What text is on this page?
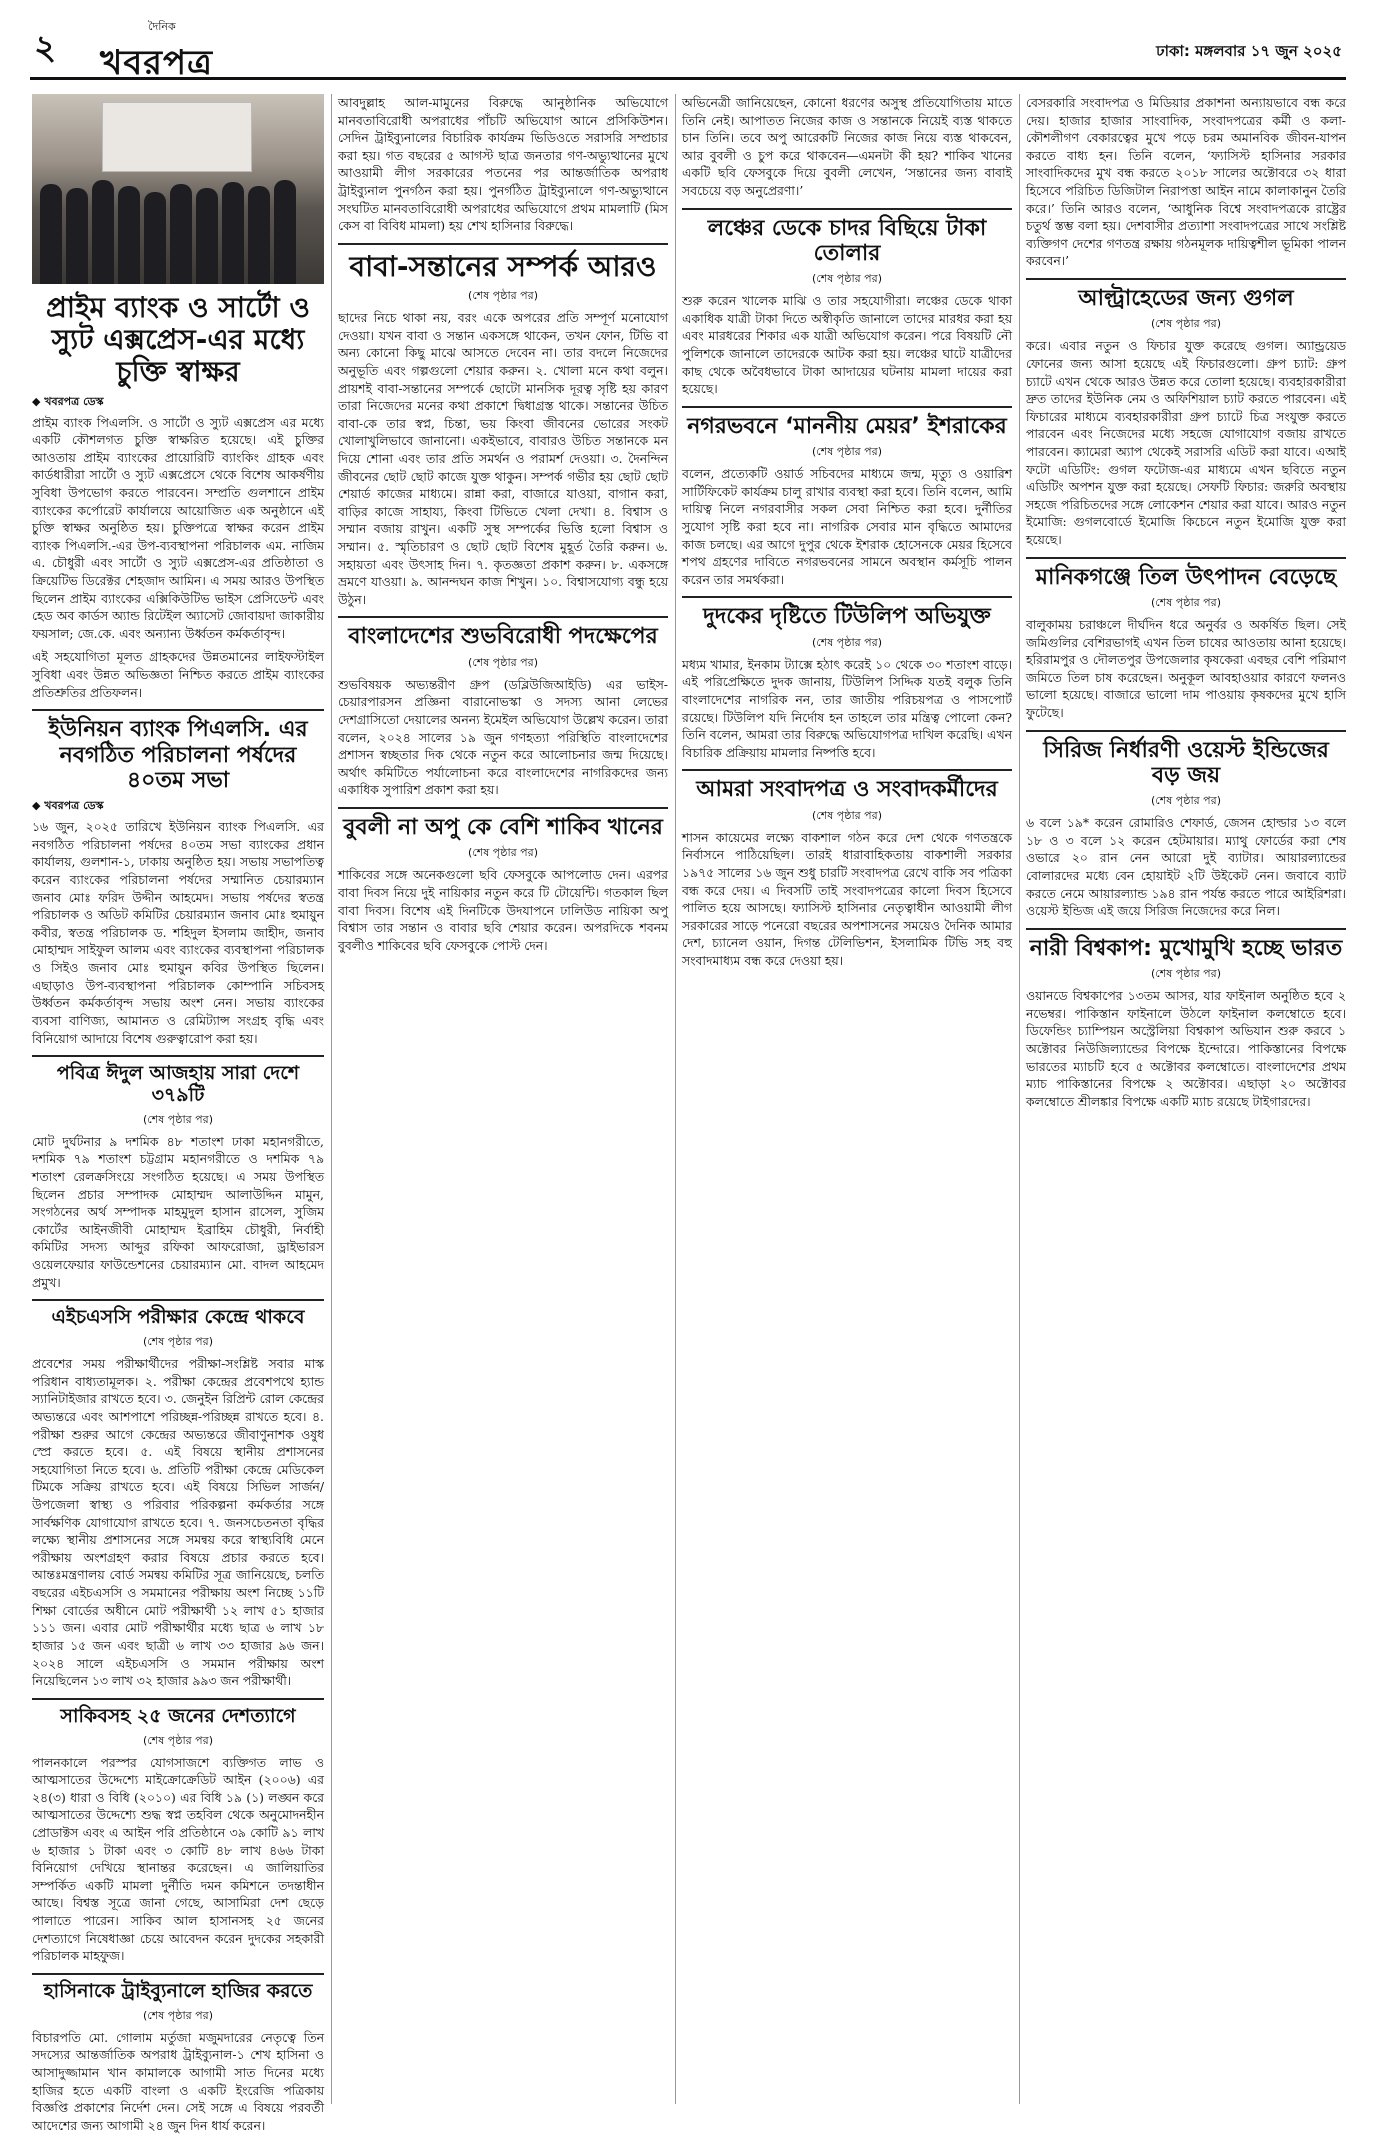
২
দৈনিক
খবরপত্র	ঢাকা: মঙ্গলবার ১৭ জুন ২০২৫
প্রাইম ব্যাংক ও সার্টো ও স্যুট এক্সপ্রেস-এর মধ্যে চুক্তি স্বাক্ষর
◆ খবরপত্র ডেস্ক

প্রাইম ব্যাংক পিএলসি. ও সার্টো ও স্যুট এক্সপ্রেস এর মধ্যে একটি কৌশলগত চুক্তি স্বাক্ষরিত হয়েছে। এই চুক্তির আওতায় প্রাইম ব্যাংকের প্রায়োরিটি ব্যাংকিং গ্রাহক এবং কার্ডধারীরা সার্টো ও স্যুট এক্সপ্রেসে থেকে বিশেষ আকর্ষণীয় সুবিধা উপভোগ করতে পারবেন। সম্প্রতি গুলশানে প্রাইম ব্যাংকের কর্পোরেট কার্যালয়ে আয়োজিত এক অনুষ্ঠানে এই চুক্তি স্বাক্ষর অনুষ্ঠিত হয়। চুক্তিপত্রে স্বাক্ষর করেন প্রাইম ব্যাংক পিএলসি.-এর উপ-ব্যবস্থাপনা পরিচালক এম. নাজিম এ. চৌধুরী এবং সার্টো ও স্যুট এক্সপ্রেস-এর প্রতিষ্ঠাতা ও ক্রিয়েটিভ ডিরেক্টর শেহজাদ আমিন। এ সময় আরও উপস্থিত ছিলেন প্রাইম ব্যাংকের এক্সিকিউটিভ ভাইস প্রেসিডেন্ট এবং হেড অব কার্ডস অ্যান্ড রিটেইল অ্যাসেট জোবায়দা জাকারীয় ফয়সাল; জে.কে. এবং অন্যান্য উর্ধ্বতন কর্মকর্তাবৃন্দ।

এই সহযোগিতা মূলত গ্রাহকদের উন্নতমানের লাইফস্টাইল সুবিধা এবং উন্নত অভিজ্ঞতা নিশ্চিত করতে প্রাইম ব্যাংকের প্রতিশ্রুতির প্রতিফলন।

ইউনিয়ন ব্যাংক পিএলসি. এর নবগঠিত পরিচালনা পর্ষদের ৪০তম সভা
◆ খবরপত্র ডেস্ক

১৬ জুন, ২০২৫ তারিখে ইউনিয়ন ব্যাংক পিএলসি. এর নবগঠিত পরিচালনা পর্ষদের ৪০তম সভা ব্যাংকের প্রধান কার্যালয়, গুলশান-১, ঢাকায় অনুষ্ঠিত হয়। সভায় সভাপতিত্ব করেন ব্যাংকের পরিচালনা পর্ষদের সম্মানিত চেয়ারম্যান জনাব মোঃ ফরিদ উদ্দীন আহমেদ। সভায় পর্ষদের স্বতন্ত্র পরিচালক ও অডিট কমিটির চেয়ারম্যান জনাব মোঃ হুমায়ুন কবীর, স্বতন্ত্র পরিচালক ড. শহিদুল ইসলাম জাহীদ, জনাব মোহাম্মদ সাইফুল আলম এবং ব্যাংকের ব্যবস্থাপনা পরিচালক ও সিইও জনাব মোঃ হুমায়ুন কবির উপস্থিত ছিলেন। এছাড়াও উপ-ব্যবস্থাপনা পরিচালক কোম্পানি সচিবসহ উর্ধ্বতন কর্মকর্তাবৃন্দ সভায় অংশ নেন। সভায় ব্যাংকের ব্যবসা বাণিজ্য, আমানত ও রেমিট্যান্স সংগ্রহ বৃদ্ধি এবং বিনিয়োগ আদায়ে বিশেষ গুরুত্বারোপ করা হয়।

পবিত্র ঈদুল আজহায় সারা দেশে ৩৭৯টি
(শেষ পৃষ্ঠার পর)

মোট দুর্ঘটনার ৯ দশমিক ৪৮ শতাংশ ঢাকা মহানগরীতে, দশমিক ৭৯ শতাংশ চট্টগ্রাম মহানগরীতে ও দশমিক ৭৯ শতাংশ রেলক্রসিংয়ে সংগঠিত হয়েছে। এ সময় উপস্থিত ছিলেন প্রচার সম্পাদক মোহাম্মদ আলাউদ্দিন মামুন, সংগঠনের অর্থ সম্পাদক মাহমুদুল হাসান রাসেল, সুজিম কোর্টের আইনজীবী মোহাম্মদ ইব্রাহিম চৌধুরী, নির্বাহী কমিটির সদস্য আব্দুর রফিকা আফরোজা, ড্রাইভারস ওয়েলফেয়ার ফাউন্ডেশনের চেয়ারম্যান মো. বাদল আহমেদ প্রমুখ।

এইচএসসি পরীক্ষার কেন্দ্রে থাকবে
(শেষ পৃষ্ঠার পর)

প্রবেশের সময় পরীক্ষার্থীদের পরীক্ষা-সংশ্লিষ্ট সবার মাস্ক পরিধান বাধ্যতামূলক। ২. পরীক্ষা কেন্দ্রের প্রবেশপথে হ্যান্ড স্যানিটাইজার রাখতে হবে। ৩. জেনুইন রিপ্রিন্ট রোল কেন্দ্রের অভ্যন্তরে এবং আশপাশে পরিচ্ছন্ন-পরিচ্ছন্ন রাখতে হবে। ৪. পরীক্ষা শুরুর আগে কেন্দ্রের অভ্যন্তরে জীবাণুনাশক ওষুধ স্প্রে করতে হবে। ৫. এই বিষয়ে স্থানীয় প্রশাসনের সহযোগিতা নিতে হবে। ৬. প্রতিটি পরীক্ষা কেন্দ্রে মেডিকেল টিমকে সক্রিয় রাখতে হবে। এই বিষয়ে সিভিল সার্জন/উপজেলা স্বাস্থ্য ও পরিবার পরিকল্পনা কর্মকর্তার সঙ্গে সার্বক্ষণিক যোগাযোগ রাখতে হবে। ৭. জনসচেতনতা বৃদ্ধির লক্ষ্যে স্থানীয় প্রশাসনের সঙ্গে সমন্বয় করে স্বাস্থ্যবিধি মেনে পরীক্ষায় অংশগ্রহণ করার বিষয়ে প্রচার করতে হবে। আন্তঃমন্ত্রণালয় বোর্ড সমন্বয় কমিটির সূত্র জানিয়েছে, চলতি বছরের এইচএসসি ও সমমানের পরীক্ষায় অংশ নিচ্ছে ১১টি শিক্ষা বোর্ডের অধীনে মোট পরীক্ষার্থী ১২ লাখ ৫১ হাজার ১১১ জন। এবার মোট পরীক্ষার্থীর মধ্যে ছাত্র ৬ লাখ ১৮ হাজার ১৫ জন এবং ছাত্রী ৬ লাখ ৩৩ হাজার ৯৬ জন। ২০২৪ সালে এইচএসসি ও সমমান পরীক্ষায় অংশ নিয়েছিলেন ১৩ লাখ ৩২ হাজার ৯৯৩ জন পরীক্ষার্থী।

সাকিবসহ ২৫ জনের দেশত্যাগে
(শেষ পৃষ্ঠার পর)

পালনকালে পরস্পর যোগসাজশে ব্যক্তিগত লাভ ও আত্মসাতের উদ্দেশ্যে মাইক্রোক্রেডিট আইন (২০০৬) এর ২৪(৩) ধারা ও বিধি (২০১০) এর বিধি ১৯ (১) লঙ্ঘন করে আত্মসাতের উদ্দেশ্যে শুদ্ধ স্বপ্ন তহবিল থেকে অনুমোদনহীন প্রোডাক্টস এবং এ আইন পরি প্রতিষ্ঠানে ৩৯ কোটি ৯১ লাখ ৬ হাজার ১ টাকা এবং ৩ কোটি ৪৮ লাখ ৪৬৬ টাকা বিনিয়োগ দেখিয়ে স্থানান্তর করেছেন। এ জালিয়াতির সম্পর্কিত একটি মামলা দুর্নীতি দমন কমিশনে তদন্তাধীন আছে। বিশ্বস্ত সূত্রে জানা গেছে, আসামিরা দেশ ছেড়ে পালাতে পারেন। সাকিব আল হাসানসহ ২৫ জনের দেশত্যাগে নিষেধাজ্ঞা চেয়ে আবেদন করেন দুদকের সহকারী পরিচালক মাহফুজ।

হাসিনাকে ট্রাইব্যুনালে হাজির করতে
(শেষ পৃষ্ঠার পর)

বিচারপতি মো. গোলাম মর্তুজা মজুমদারের নেতৃত্বে তিন সদস্যের আন্তর্জাতিক অপরাধ ট্রাইব্যুনাল-১ শেখ হাসিনা ও আসাদুজ্জামান খান কামালকে আগামী সাত দিনের মধ্যে হাজির হতে একটি বাংলা ও একটি ইংরেজি পত্রিকায় বিজ্ঞপ্তি প্রকাশের নির্দেশ দেন। সেই সঙ্গে এ বিষয়ে পরবর্তী আদেশের জন্য আগামী ২৪ জুন দিন ধার্য করেন।

আবদুল্লাহ আল-মামুনের বিরুদ্ধে আনুষ্ঠানিক অভিযোগে মানবতাবিরোধী অপরাধের পাঁচটি অভিযোগ আনে প্রসিকিউশন। সেদিন ট্রাইব্যুনালের বিচারিক কার্যক্রম ভিডিওতে সরাসরি সম্প্রচার করা হয়। গত বছরের ৫ আগস্ট ছাত্র জনতার গণ-অভ্যুত্থানের মুখে আওয়ামী লীগ সরকারের পতনের পর আন্তর্জাতিক অপরাধ ট্রাইব্যুনাল পুনর্গঠন করা হয়। পুনর্গঠিত ট্রাইব্যুনালে গণ-অভ্যুত্থানে সংঘটিত মানবতাবিরোধী অপরাধের অভিযোগে প্রথম মামলাটি (মিস কেস বা বিবিধ মামলা) হয় শেখ হাসিনার বিরুদ্ধে।

বাবা-সন্তানের সম্পর্ক আরও
(শেষ পৃষ্ঠার পর)

ছাদের নিচে থাকা নয়, বরং একে অপরের প্রতি সম্পূর্ণ মনোযোগ দেওয়া। যখন বাবা ও সন্তান একসঙ্গে থাকেন, তখন ফোন, টিভি বা অন্য কোনো কিছু মাঝে আসতে দেবেন না। তার বদলে নিজেদের অনুভূতি এবং গল্পগুলো শেয়ার করুন। ২. খোলা মনে কথা বলুন। প্রায়শই বাবা-সন্তানের সম্পর্কে ছোটো মানসিক দূরত্ব সৃষ্টি হয় কারণ তারা নিজেদের মনের কথা প্রকাশে দ্বিধাগ্রস্ত থাকে। সন্তানের উচিত বাবা-কে তার স্বপ্ন, চিন্তা, ভয় কিংবা জীবনের ভোরের সংকট খোলাখুলিভাবে জানানো। একইভাবে, বাবারও উচিত সন্তানকে মন দিয়ে শোনা এবং তার প্রতি সমর্থন ও পরামর্শ দেওয়া। ৩. দৈনন্দিন জীবনের ছোট ছোট কাজে যুক্ত থাকুন। সম্পর্ক গভীর হয় ছোট ছোট শেয়ার্ড কাজের মাধ্যমে। রান্না করা, বাজারে যাওয়া, বাগান করা, বাড়ির কাজে সাহায্য, কিংবা টিভিতে খেলা দেখা। ৪. বিশ্বাস ও সম্মান বজায় রাখুন। একটি সুস্থ সম্পর্কের ভিত্তি হলো বিশ্বাস ও সম্মান। ৫. স্মৃতিচারণ ও ছোট ছোট বিশেষ মুহূর্ত তৈরি করুন। ৬. সহায়তা এবং উৎসাহ দিন। ৭. কৃতজ্ঞতা প্রকাশ করুন। ৮. একসঙ্গে ভ্রমণে যাওয়া। ৯. আনন্দঘন কাজ শিখুন। ১০. বিশ্বাসযোগ্য বন্ধু হয়ে উঠুন।

বাংলাদেশের শুভবিরোধী পদক্ষেপের
(শেষ পৃষ্ঠার পর)

শুভবিষয়ক অভ্যন্তরীণ গ্রুপ (ডব্লিউজিআইডি) এর ভাইস-চেয়ারপারসন প্রজ্ঞিনা বারানোভস্কা ও সদস্য আনা লেভের দেশগ্রাসিতো দেয়ালের অনন্য ইমেইল অভিযোগ উল্লেখ করেন। তারা বলেন, ২০২৪ সালের ১৯ জুন গণহত্যা পরিস্থিতি বাংলাদেশের প্রশাসন স্বচ্ছতার দিক থেকে নতুন করে আলোচনার জন্ম দিয়েছে। অর্থাৎ কমিটিতে পর্যালোচনা করে বাংলাদেশের নাগরিকদের জন্য একাধিক সুপারিশ প্রকাশ করা হয়।

বুবলী না অপু কে বেশি শাকিব খানের
(শেষ পৃষ্ঠার পর)

শাকিবের সঙ্গে অনেকগুলো ছবি ফেসবুকে আপলোড দেন। এরপর বাবা দিবস নিয়ে দুই নায়িকার নতুন করে টি টোয়েন্টি। গতকাল ছিল বাবা দিবস। বিশেষ এই দিনটিকে উদযাপনে ঢালিউড নায়িকা অপু বিশ্বাস তার সন্তান ও বাবার ছবি শেয়ার করেন। অপরদিকে শবনম বুবলীও শাকিবের ছবি ফেসবুকে পোস্ট দেন।

অভিনেত্রী জানিয়েছেন, কোনো ধরণের অসুস্থ প্রতিযোগিতায় মাতে তিনি নেই। আপাতত নিজের কাজ ও সন্তানকে নিয়েই ব্যস্ত থাকতে চান তিনি। তবে অপু আরেকটি নিজের কাজ নিয়ে ব্যস্ত থাকবেন, আর বুবলী ও চুপ করে থাকবেন—এমনটা কী হয়? শাকিব খানের একটি ছবি ফেসবুকে দিয়ে বুবলী লেখেন, ‘সন্তানের জন্য বাবাই সবচেয়ে বড় অনুপ্রেরণা।’

লঞ্চের ডেকে চাদর বিছিয়ে টাকা তোলার
(শেষ পৃষ্ঠার পর)

শুরু করেন খালেক মাঝি ও তার সহযোগীরা। লঞ্চের ডেকে থাকা একাধিক যাত্রী টাকা দিতে অস্বীকৃতি জানালে তাদের মারধর করা হয় এবং মারধরের শিকার এক যাত্রী অভিযোগ করেন। পরে বিষয়টি নৌ পুলিশকে জানালে তাদেরকে আটক করা হয়। লঞ্চের ঘাটে যাত্রীদের কাছ থেকে অবৈধভাবে টাকা আদায়ের ঘটনায় মামলা দায়ের করা হয়েছে।

নগরভবনে ‘মাননীয় মেয়র’ ইশরাকের
(শেষ পৃষ্ঠার পর)

বলেন, প্রত্যেকটি ওয়ার্ড সচিবদের মাধ্যমে জন্ম, মৃত্যু ও ওয়ারিশ সার্টিফিকেট কার্যক্রম চালু রাখার ব্যবস্থা করা হবে। তিনি বলেন, আমি দায়িত্ব নিলে নগরবাসীর সকল সেবা নিশ্চিত করা হবে। দুর্নীতির সুযোগ সৃষ্টি করা হবে না। নাগরিক সেবার মান বৃদ্ধিতে আমাদের কাজ চলছে। এর আগে দুপুর থেকে ইশরাক হোসেনকে মেয়র হিসেবে শপথ গ্রহণের দাবিতে নগরভবনের সামনে অবস্থান কর্মসূচি পালন করেন তার সমর্থকরা।

দুদকের দৃষ্টিতে টিউলিপ অভিযুক্ত
(শেষ পৃষ্ঠার পর)

মধ্যম খামার, ইনকাম ট্যাক্সে হঠাৎ করেই ১০ থেকে ৩০ শতাংশ বাড়ে। এই পরিপ্রেক্ষিতে দুদক জানায়, টিউলিপ সিদ্দিক যতই বলুক তিনি বাংলাদেশের নাগরিক নন, তার জাতীয় পরিচয়পত্র ও পাসপোর্ট রয়েছে। টিউলিপ যদি নির্দোষ হন তাহলে তার মন্ত্রিত্ব পোলো কেন? তিনি বলেন, আমরা তার বিরুদ্ধে অভিযোগপত্র দাখিল করেছি। এখন বিচারিক প্রক্রিয়ায় মামলার নিষ্পত্তি হবে।

আমরা সংবাদপত্র ও সংবাদকর্মীদের
(শেষ পৃষ্ঠার পর)

শাসন কায়েমের লক্ষ্যে বাকশাল গঠন করে দেশ থেকে গণতন্ত্রকে নির্বাসনে পাঠিয়েছিল। তারই ধারাবাহিকতায় বাকশালী সরকার ১৯৭৫ সালের ১৬ জুন শুধু চারটি সংবাদপত্র রেখে বাকি সব পত্রিকা বন্ধ করে দেয়। এ দিবসটি তাই সংবাদপত্রের কালো দিবস হিসেবে পালিত হয়ে আসছে। ফ্যাসিস্ট হাসিনার নেতৃত্বাধীন আওয়ামী লীগ সরকারের সাড়ে পনেরো বছরের অপশাসনের সময়েও দৈনিক আমার দেশ, চ্যানেল ওয়ান, দিগন্ত টেলিভিশন, ইসলামিক টিভি সহ বহু সংবাদমাধ্যম বন্ধ করে দেওয়া হয়।

বেসরকারি সংবাদপত্র ও মিডিয়ার প্রকাশনা অন্যায়ভাবে বন্ধ করে দেয়। হাজার হাজার সাংবাদিক, সংবাদপত্রের কর্মী ও কলা-কৌশলীগণ বেকারত্বের মুখে পড়ে চরম অমানবিক জীবন-যাপন করতে বাধ্য হন। তিনি বলেন, ‘ফ্যাসিস্ট হাসিনার সরকার সাংবাদিকদের মুখ বন্ধ করতে ২০১৮ সালের অক্টোবরে ৩২ ধারা হিসেবে পরিচিত ডিজিটাল নিরাপত্তা আইন নামে কালাকানুন তৈরি করে।’ তিনি আরও বলেন, ‘আধুনিক বিশ্বে সংবাদপত্রকে রাষ্ট্রের চতুর্থ স্তম্ভ বলা হয়। দেশবাসীর প্রত্যাশা সংবাদপত্রের সাথে সংশ্লিষ্ট ব্যক্তিগণ দেশের গণতন্ত্র রক্ষায় গঠনমূলক দায়িত্বশীল ভূমিকা পালন করবেন।’

আল্ট্রাহেডের জন্য গুগল
(শেষ পৃষ্ঠার পর)

করে। এবার নতুন ও ফিচার যুক্ত করেছে গুগল। অ্যান্ড্রয়েড ফোনের জন্য আসা হয়েছে এই ফিচারগুলো। গ্রুপ চ্যাট: গ্রুপ চ্যাটে এখন থেকে আরও উন্নত করে তোলা হয়েছে। ব্যবহারকারীরা দ্রুত তাদের ইউনিক নেম ও অফিশিয়াল চ্যাট করতে পারবেন। এই ফিচারের মাধ্যমে ব্যবহারকারীরা গ্রুপ চ্যাটে চিত্র সংযুক্ত করতে পারবেন এবং নিজেদের মধ্যে সহজে যোগাযোগ বজায় রাখতে পারবেন। ক্যামেরা অ্যাপ থেকেই সরাসরি এডিট করা যাবে। এআই ফটো এডিটিং: গুগল ফটোজ-এর মাধ্যমে এখন ছবিতে নতুন এডিটিং অপশন যুক্ত করা হয়েছে। সেফটি ফিচার: জরুরি অবস্থায় সহজে পরিচিতদের সঙ্গে লোকেশন শেয়ার করা যাবে। আরও নতুন ইমোজি: গুগলবোর্ডে ইমোজি কিচেনে নতুন ইমোজি যুক্ত করা হয়েছে।

মানিকগঞ্জে তিল উৎপাদন বেড়েছে
(শেষ পৃষ্ঠার পর)

বালুকাময় চরাঞ্চলে দীর্ঘদিন ধরে অনুর্বর ও অকর্ষিত ছিল। সেই জমিগুলির বেশিরভাগই এখন তিল চাষের আওতায় আনা হয়েছে। হরিরামপুর ও দৌলতপুর উপজেলার কৃষকেরা এবছর বেশি পরিমাণ জমিতে তিল চাষ করেছেন। অনুকূল আবহাওয়ার কারণে ফলনও ভালো হয়েছে। বাজারে ভালো দাম পাওয়ায় কৃষকদের মুখে হাসি ফুটেছে।

সিরিজ নির্ধারণী ওয়েস্ট ইন্ডিজের বড় জয়
(শেষ পৃষ্ঠার পর)

৬ বলে ১৯* করেন রোমারিও শেফার্ড, জেসন হোল্ডার ১৩ বলে ১৮ ও ৩ বলে ১২ করেন হেটমায়ার। ম্যাথু ফোর্ডের করা শেষ ওভারে ২০ রান নেন আরো দুই ব্যাটার। আয়ারল্যান্ডের বোলারদের মধ্যে বেন হোয়াইট ২টি উইকেট নেন। জবাবে ব্যাট করতে নেমে আয়ারল্যান্ড ১৯৪ রান পর্যন্ত করতে পারে আইরিশরা। ওয়েস্ট ইন্ডিজ এই জয়ে সিরিজ নিজেদের করে নিল।

নারী বিশ্বকাপ: মুখোমুখি হচ্ছে ভারত
(শেষ পৃষ্ঠার পর)

ওয়ানডে বিশ্বকাপের ১৩তম আসর, যার ফাইনাল অনুষ্ঠিত হবে ২ নভেম্বর। পাকিস্তান ফাইনালে উঠলে ফাইনাল কলম্বোতে হবে। ডিফেন্ডিং চ্যাম্পিয়ন অস্ট্রেলিয়া বিশ্বকাপ অভিযান শুরু করবে ১ অক্টোবর নিউজিল্যান্ডের বিপক্ষে ইন্দোরে। পাকিস্তানের বিপক্ষে ভারতের ম্যাচটি হবে ৫ অক্টোবর কলম্বোতে। বাংলাদেশের প্রথম ম্যাচ পাকিস্তানের বিপক্ষে ২ অক্টোবর। এছাড়া ২০ অক্টোবর কলম্বোতে শ্রীলঙ্কার বিপক্ষে একটি ম্যাচ রয়েছে টাইগারদের।
